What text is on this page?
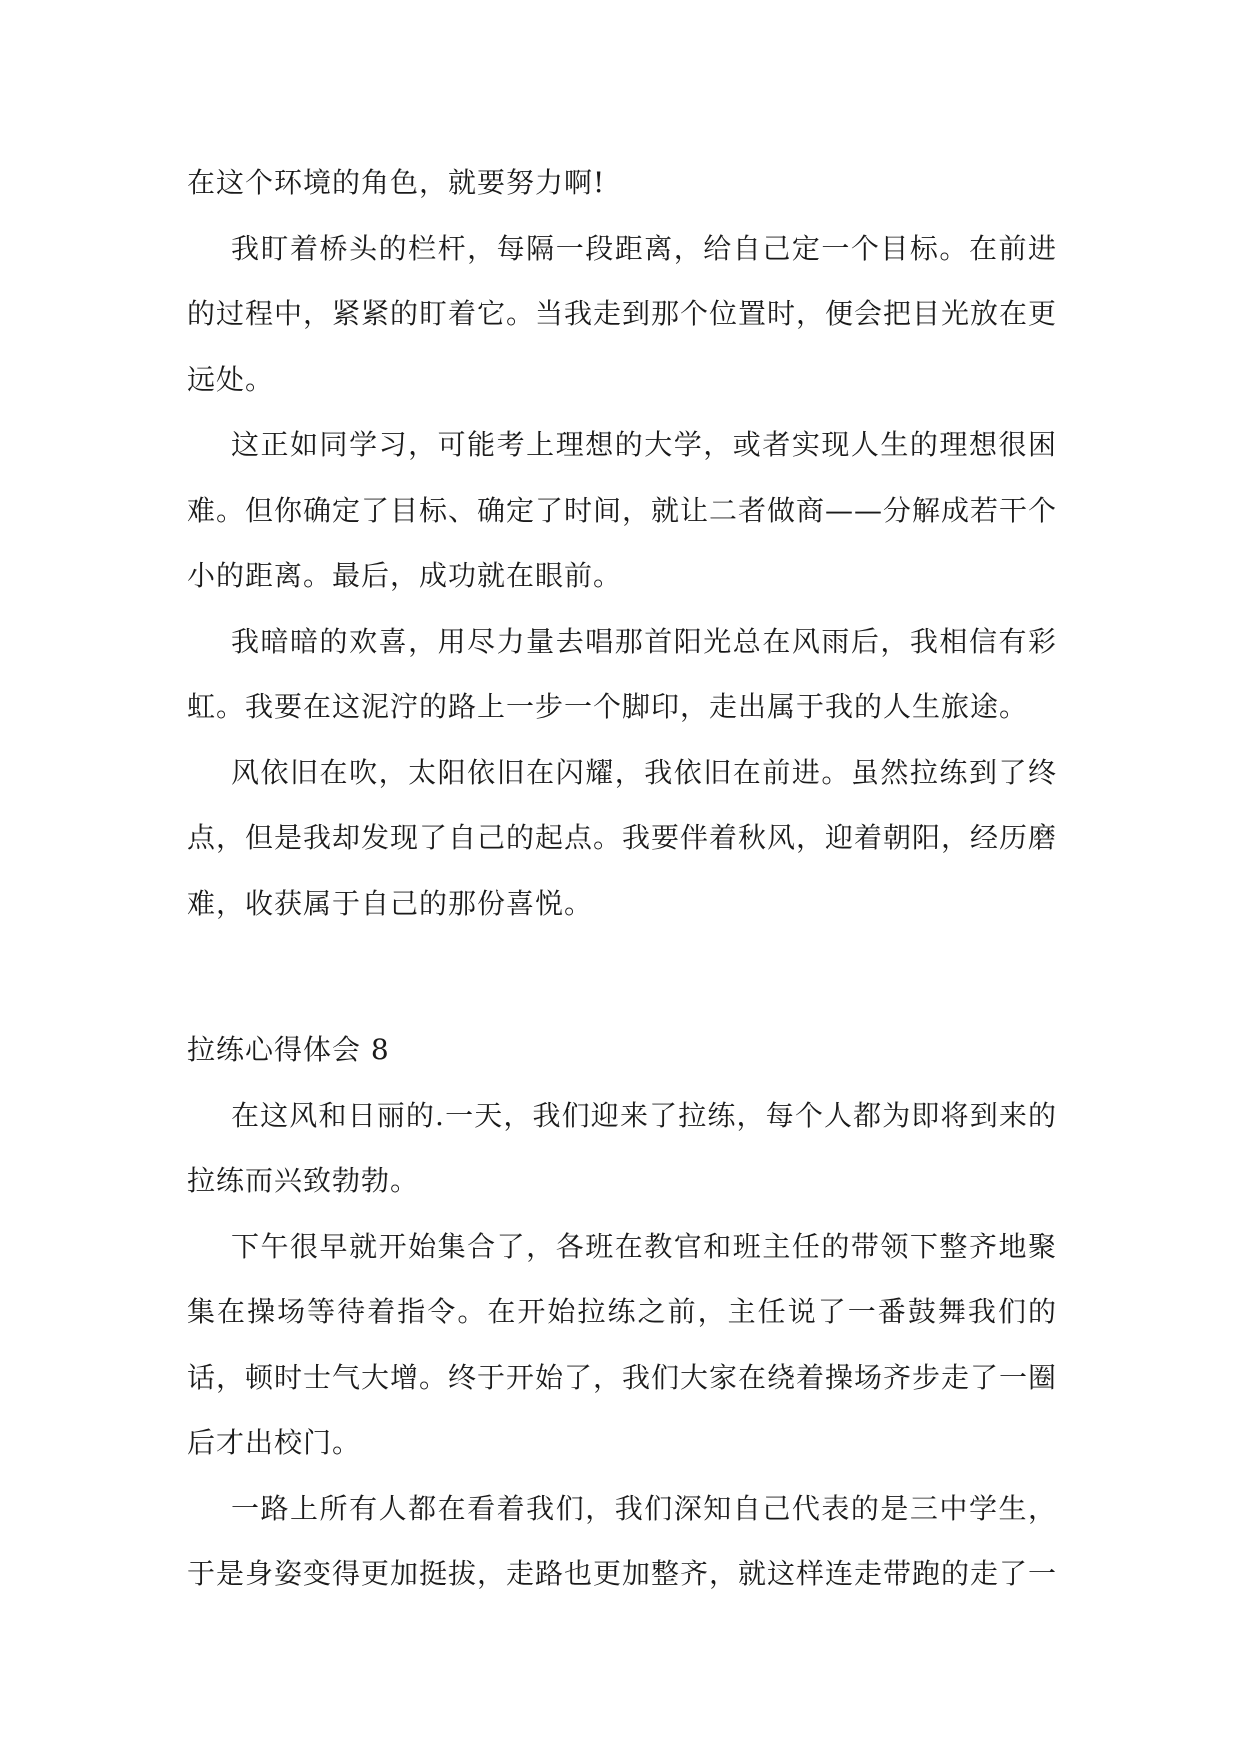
在这个环境的角色，就要努力啊!

我盯着桥头的栏杆，每隔一段距离，给自己定一个目标。在前进的过程中，紧紧的盯着它。当我走到那个位置时，便会把目光放在更远处。

这正如同学习，可能考上理想的大学，或者实现人生的理想很困难。但你确定了目标、确定了时间，就让二者做商——分解成若干个小的距离。最后，成功就在眼前。

我暗暗的欢喜，用尽力量去唱那首阳光总在风雨后，我相信有彩虹。我要在这泥泞的路上一步一个脚印，走出属于我的人生旅途。

风依旧在吹，太阳依旧在闪耀，我依旧在前进。虽然拉练到了终点，但是我却发现了自己的起点。我要伴着秋风，迎着朝阳，经历磨难，收获属于自己的那份喜悦。

拉练心得体会 8

在这风和日丽的.一天，我们迎来了拉练，每个人都为即将到来的拉练而兴致勃勃。

下午很早就开始集合了，各班在教官和班主任的带领下整齐地聚集在操场等待着指令。在开始拉练之前，主任说了一番鼓舞我们的话，顿时士气大增。终于开始了，我们大家在绕着操场齐步走了一圈后才出校门。

一路上所有人都在看着我们，我们深知自己代表的是三中学生，于是身姿变得更加挺拔，走路也更加整齐，就这样连走带跑的走了一
